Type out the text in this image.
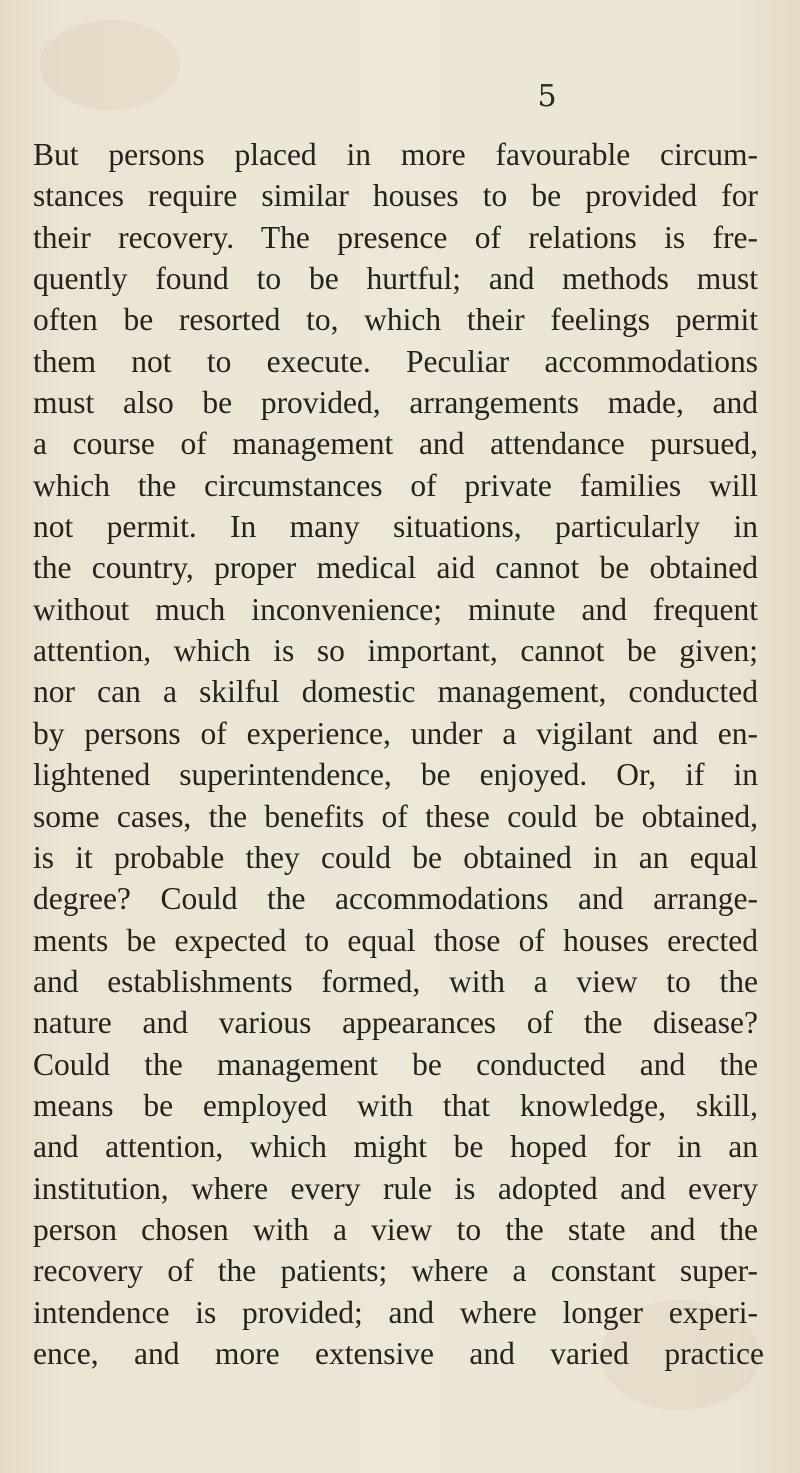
5
But persons placed in more favourable circum-
stances require similar houses to be provided for
their recovery. The presence of relations is fre-
quently found to be hurtful; and methods must
often be resorted to, which their feelings permit
them not to execute. Peculiar accommodations
must also be provided, arrangements made, and
a course of management and attendance pursued,
which the circumstances of private families will
not permit. In many situations, particularly in
the country, proper medical aid cannot be obtained
without much inconvenience; minute and frequent
attention, which is so important, cannot be given;
nor can a skilful domestic management, conducted
by persons of experience, under a vigilant and en-
lightened superintendence, be enjoyed. Or, if in
some cases, the benefits of these could be obtained,
is it probable they could be obtained in an equal
degree? Could the accommodations and arrange-
ments be expected to equal those of houses erected
and establishments formed, with a view to the
nature and various appearances of the disease?
Could the management be conducted and the
means be employed with that knowledge, skill,
and attention, which might be hoped for in an
institution, where every rule is adopted and every
person chosen with a view to the state and the
recovery of the patients; where a constant super-
intendence is provided; and where longer experi-
ence, and more extensive and varied practice
